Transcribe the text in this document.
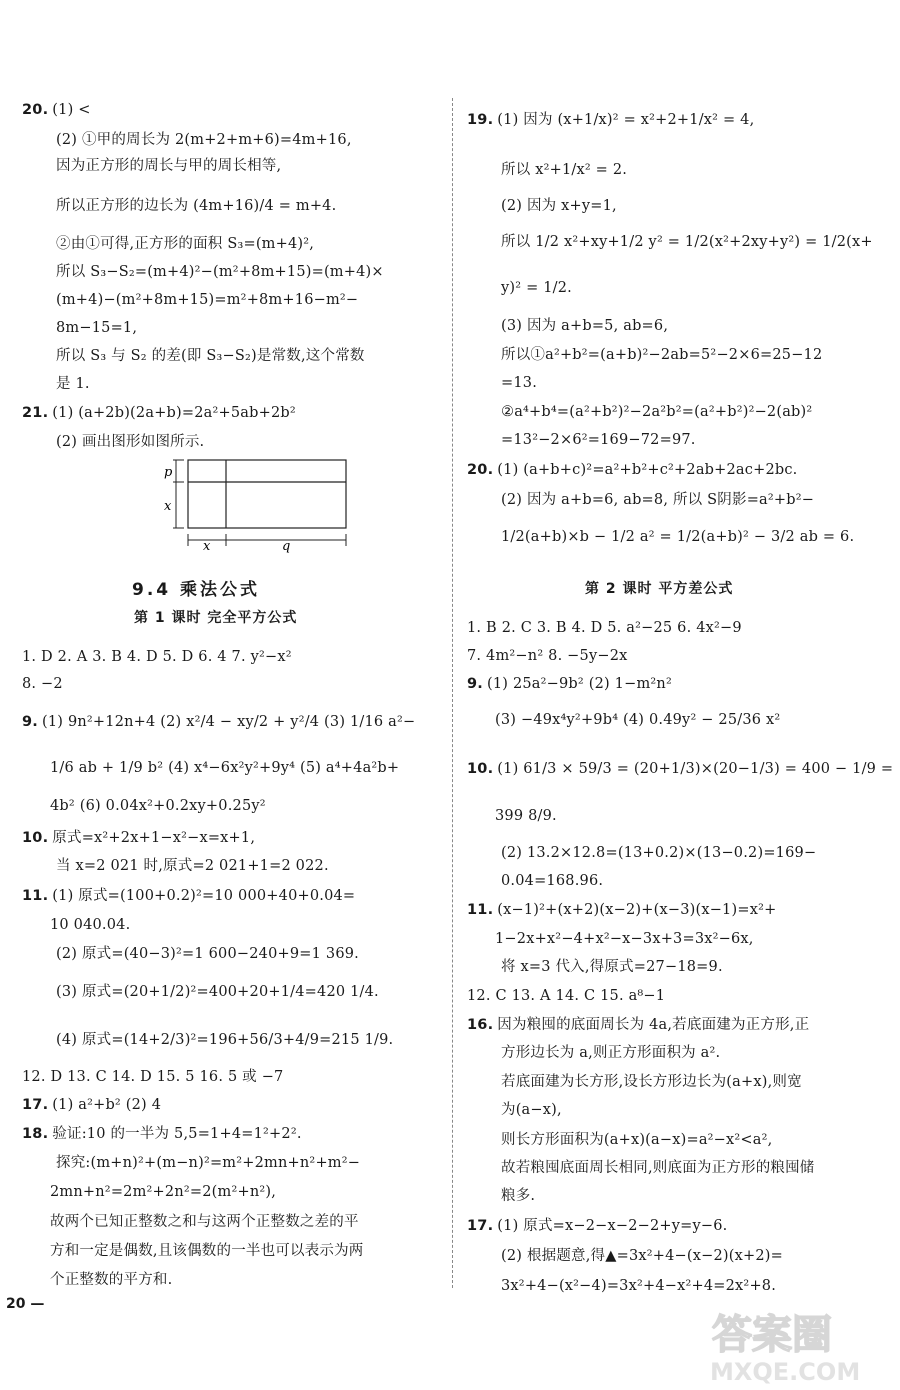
20. (1) <
(2) ①甲的周长为 2(m+2+m+6)=4m+16,
因为正方形的周长与甲的周长相等,
所以正方形的边长为 (4m+16)/4 = m+4.
②由①可得,正方形的面积 S₃=(m+4)²,
所以 S₃−S₂=(m+4)²−(m²+8m+15)=(m+4)×
(m+4)−(m²+8m+15)=m²+8m+16−m²−
8m−15=1,
所以 S₃ 与 S₂ 的差(即 S₃−S₂)是常数,这个常数
是 1.
21. (1) (a+2b)(2a+b)=2a²+5ab+2b²
(2) 画出图形如图所示.
p
x
x	q
9.4 乘法公式
第 1 课时 完全平方公式
1. D 2. A 3. B 4. D 5. D 6. 4 7. y²−x²
8. −2
9. (1) 9n²+12n+4 (2) x²/4 − xy/2 + y²/4 (3) 1/16 a²−
1/6 ab + 1/9 b² (4) x⁴−6x²y²+9y⁴ (5) a⁴+4a²b+
4b² (6) 0.04x²+0.2xy+0.25y²
10. 原式=x²+2x+1−x²−x=x+1,
当 x=2 021 时,原式=2 021+1=2 022.
11. (1) 原式=(100+0.2)²=10 000+40+0.04=
10 040.04.
(2) 原式=(40−3)²=1 600−240+9=1 369.
(3) 原式=(20+1/2)²=400+20+1/4=420 1/4.
(4) 原式=(14+2/3)²=196+56/3+4/9=215 1/9.
12. D 13. C 14. D 15. 5 16. 5 或 −7
17. (1) a²+b² (2) 4
18. 验证:10 的一半为 5,5=1+4=1²+2².
探究:(m+n)²+(m−n)²=m²+2mn+n²+m²−
2mn+n²=2m²+2n²=2(m²+n²),
故两个已知正整数之和与这两个正整数之差的平
方和一定是偶数,且该偶数的一半也可以表示为两
个正整数的平方和.
19. (1) 因为 (x+1/x)² = x²+2+1/x² = 4,
所以 x²+1/x² = 2.
(2) 因为 x+y=1,
所以 1/2 x²+xy+1/2 y² = 1/2(x²+2xy+y²) = 1/2(x+
y)² = 1/2.
(3) 因为 a+b=5, ab=6,
所以①a²+b²=(a+b)²−2ab=5²−2×6=25−12
=13.
②a⁴+b⁴=(a²+b²)²−2a²b²=(a²+b²)²−2(ab)²
=13²−2×6²=169−72=97.
20. (1) (a+b+c)²=a²+b²+c²+2ab+2ac+2bc.
(2) 因为 a+b=6, ab=8, 所以 S阴影=a²+b²−
1/2(a+b)×b − 1/2 a² = 1/2(a+b)² − 3/2 ab = 6.
第 2 课时 平方差公式
1. B 2. C 3. B 4. D 5. a²−25 6. 4x²−9
7. 4m²−n² 8. −5y−2x
9. (1) 25a²−9b² (2) 1−m²n²
(3) −49x⁴y²+9b⁴ (4) 0.49y² − 25/36 x²
10. (1) 61/3 × 59/3 = (20+1/3)×(20−1/3) = 400 − 1/9 =
399 8/9.
(2) 13.2×12.8=(13+0.2)×(13−0.2)=169−
0.04=168.96.
11. (x−1)²+(x+2)(x−2)+(x−3)(x−1)=x²+
1−2x+x²−4+x²−x−3x+3=3x²−6x,
将 x=3 代入,得原式=27−18=9.
12. C 13. A 14. C 15. a⁸−1
16. 因为粮囤的底面周长为 4a,若底面建为正方形,正
方形边长为 a,则正方形面积为 a².
若底面建为长方形,设长方形边长为(a+x),则宽
为(a−x),
则长方形面积为(a+x)(a−x)=a²−x²<a²,
故若粮囤底面周长相同,则底面为正方形的粮囤储
粮多.
17. (1) 原式=x−2−x−2−2+y=y−6.
(2) 根据题意,得▲=3x²+4−(x−2)(x+2)=
3x²+4−(x²−4)=3x²+4−x²+4=2x²+8.
20 —
答案圈
MXQE.COM
